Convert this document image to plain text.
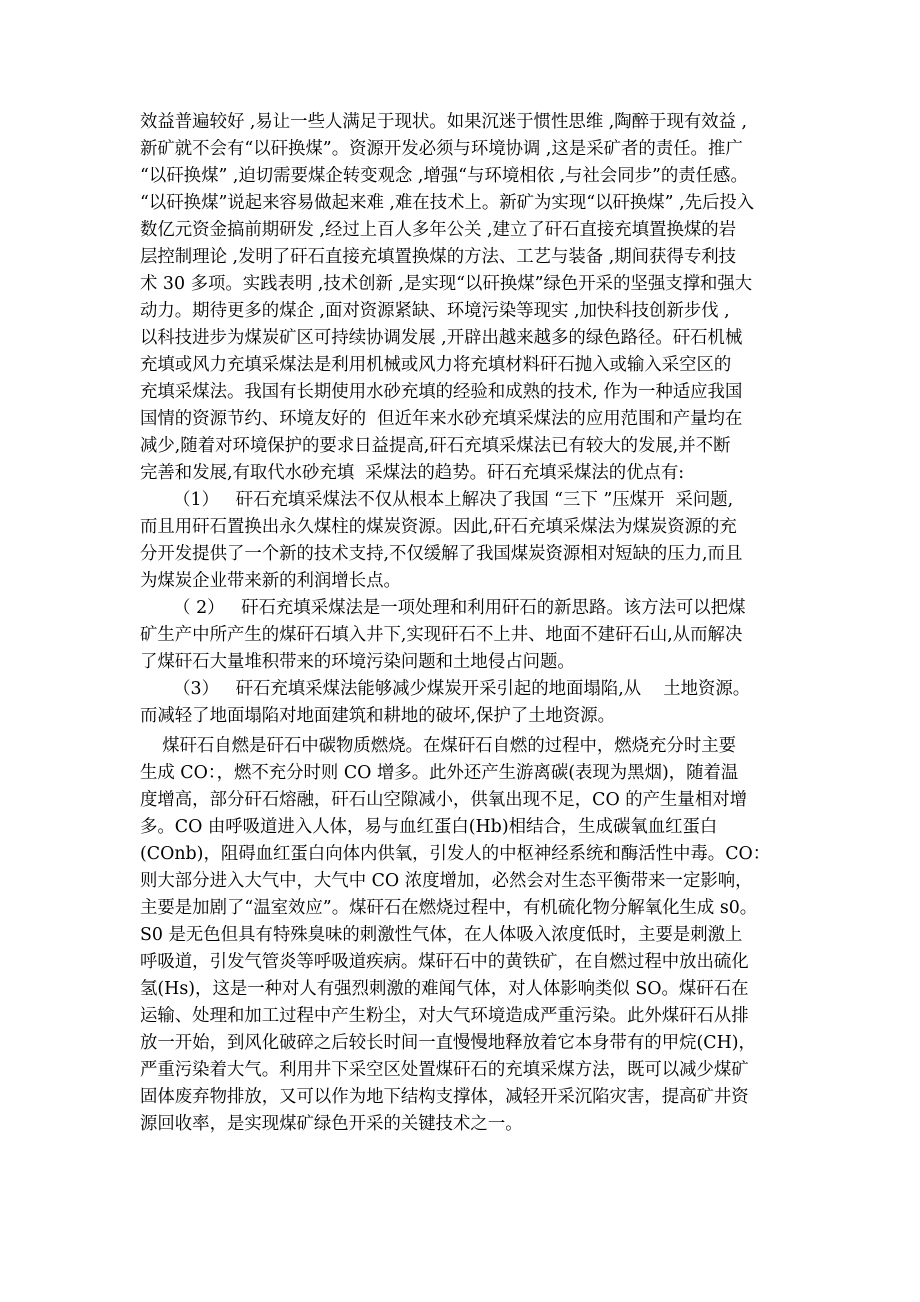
效益普遍较好 ,易让一些人满足于现状。如果沉迷于惯性思维 ,陶醉于现有效益 ,
新矿就不会有“以矸换煤”。资源开发必须与环境协调 ,这是采矿者的责任。推广
“以矸换煤” ,迫切需要煤企转变观念 ,增强“与环境相依 ,与社会同步”的责任感。
“以矸换煤”说起来容易做起来难 ,难在技术上。新矿为实现“以矸换煤” ,先后投入
数亿元资金搞前期研发 ,经过上百人多年公关 ,建立了矸石直接充填置换煤的岩
层控制理论 ,发明了矸石直接充填置换煤的方法、工艺与装备 ,期间获得专利技
术 30 多项。实践表明 ,技术创新 ,是实现“以矸换煤”绿色开采的坚强支撑和强大
动力。期待更多的煤企 ,面对资源紧缺、环境污染等现实 ,加快科技创新步伐 ,
以科技进步为煤炭矿区可持续协调发展 ,开辟出越来越多的绿色路径。矸石机械
充填或风力充填采煤法是利用机械或风力将充填材料矸石抛入或输入采空区的
充填采煤法。我国有长期使用水砂充填的经验和成熟的技术, 作为一种适应我国
国情的资源节约、环境友好的  但近年来水砂充填采煤法的应用范围和产量均在
减少,随着对环境保护的要求日益提高,矸石充填采煤法已有较大的发展,并不断
完善和发展,有取代水砂充填  采煤法的趋势。矸石充填采煤法的优点有:
（1）   矸石充填采煤法不仅从根本上解决了我国 “三下 ”压煤开  采问题,
而且用矸石置换出永久煤柱的煤炭资源。因此,矸石充填采煤法为煤炭资源的充
分开发提供了一个新的技术支持,不仅缓解了我国煤炭资源相对短缺的压力,而且
为煤炭企业带来新的利润增长点。
（ 2）   矸石充填采煤法是一项处理和利用矸石的新思路。该方法可以把煤
矿生产中所产生的煤矸石填入井下,实现矸石不上井、地面不建矸石山,从而解决
了煤矸石大量堆积带来的环境污染问题和土地侵占问题。
（3）   矸石充填采煤法能够减少煤炭开采引起的地面塌陷,从    土地资源。
而减轻了地面塌陷对地面建筑和耕地的破坏,保护了土地资源。
煤矸石自燃是矸石中碳物质燃烧。在煤矸石自燃的过程中，燃烧充分时主要
生成 CO：，燃不充分时则 CO 增多。此外还产生游离碳(表现为黑烟)，随着温
度增高，部分矸石熔融，矸石山空隙减小，供氧出现不足，CO 的产生量相对增
多。CO 由呼吸道进入人体，易与血红蛋白(Hb)相结合，生成碳氧血红蛋白
(COnb)，阻碍血红蛋白向体内供氧，引发人的中枢神经系统和酶活性中毒。CO：
则大部分进入大气中，大气中 CO 浓度增加，必然会对生态平衡带来一定影响，
主要是加剧了“温室效应”。煤矸石在燃烧过程中，有机硫化物分解氧化生成 s0。
S0 是无色但具有特殊臭味的刺激性气体，在人体吸入浓度低时，主要是刺激上
呼吸道，引发气管炎等呼吸道疾病。煤矸石中的黄铁矿，在自燃过程中放出硫化
氢(Hs)，这是一种对人有强烈刺激的难闻气体，对人体影响类似 SO。煤矸石在
运输、处理和加工过程中产生粉尘，对大气环境造成严重污染。此外煤矸石从排
放一开始，到风化破碎之后较长时间一直慢慢地释放着它本身带有的甲烷(CH)，
严重污染着大气。利用井下采空区处置煤矸石的充填采煤方法，既可以减少煤矿
固体废弃物排放，又可以作为地下结构支撑体，减轻开采沉陷灾害，提高矿井资
源回收率，是实现煤矿绿色开采的关键技术之一。
